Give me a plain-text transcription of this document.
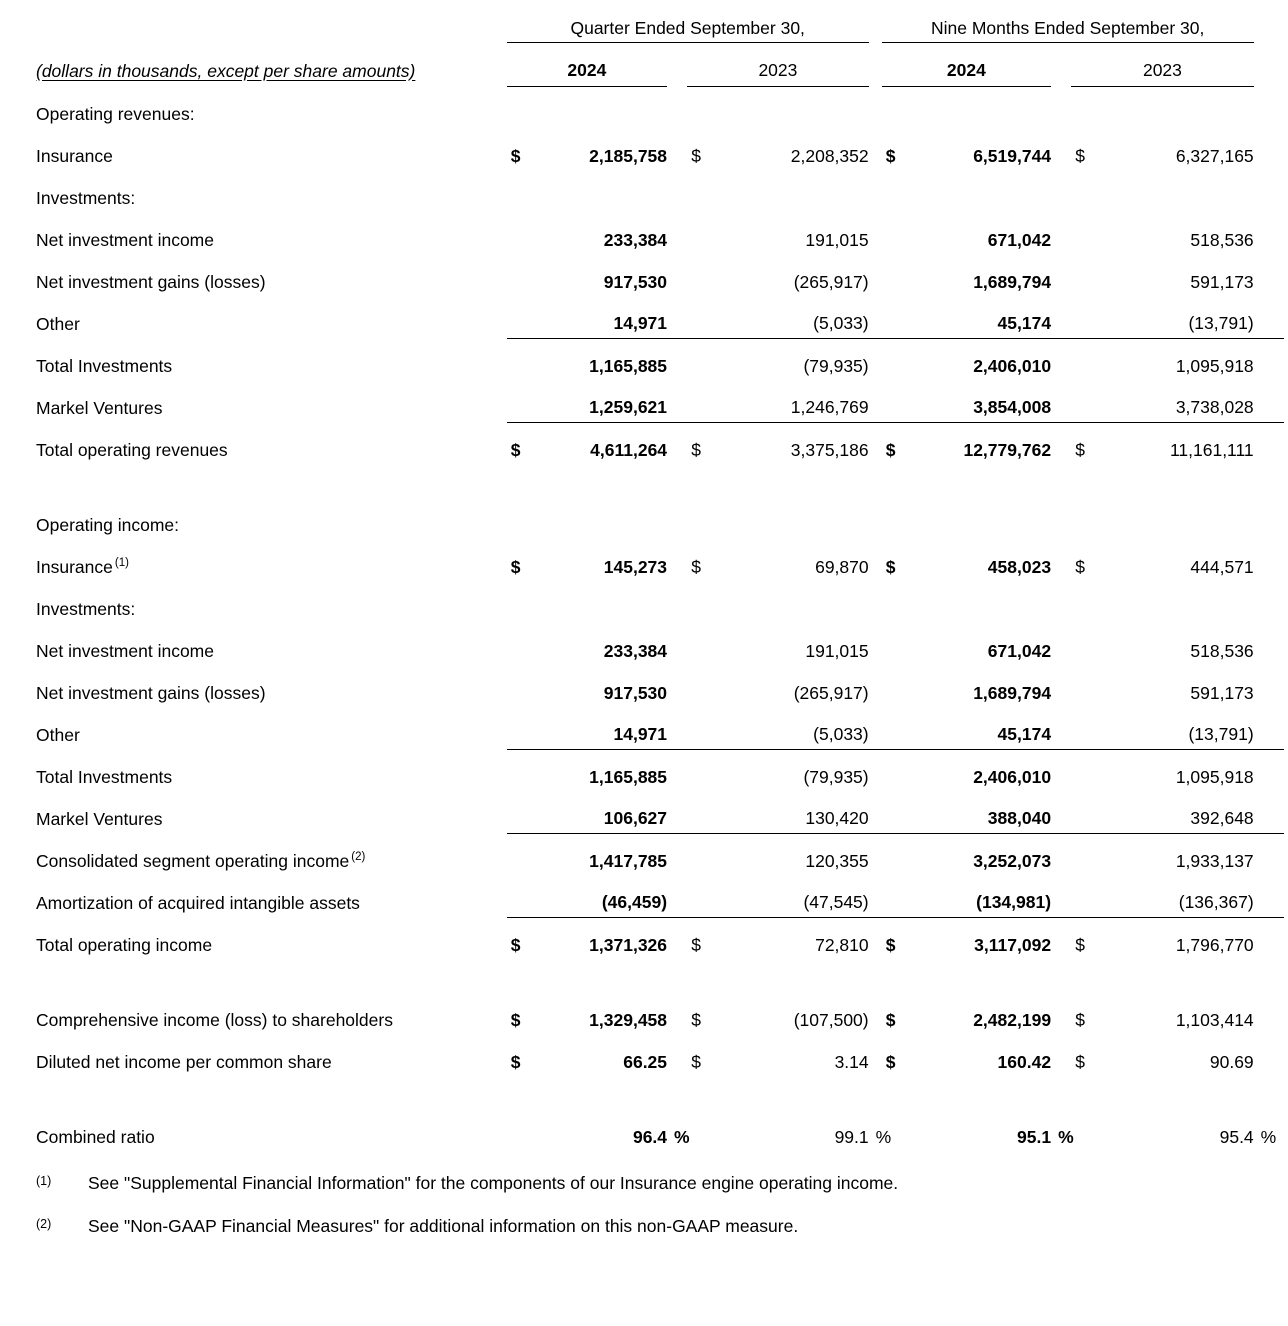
	Quarter Ended September 30,						Nine Months Ended September 30,					
(dollars in thousands, except per share amounts)	2024			2023			2024			2023		
Operating revenues:												
Insurance	$	2,185,758		$	2,208,352		$	6,519,744		$	6,327,165	
Investments:												
Net investment income		233,384			191,015			671,042			518,536	
Net investment gains (losses)		917,530			(265,917)			1,689,794			591,173	
Other		14,971			(5,033)			45,174			(13,791)	
Total Investments		1,165,885			(79,935)			2,406,010			1,095,918	
Markel Ventures		1,259,621			1,246,769			3,854,008			3,738,028	
Total operating revenues	$	4,611,264		$	3,375,186		$	12,779,762		$	11,161,111	

Operating income:												
Insurance $^{(1)}$	$	145,273		$	69,870		$	458,023		$	444,571	
Investments:												
Net investment income		233,384			191,015			671,042			518,536	
Net investment gains (losses)		917,530			(265,917)			1,689,794			591,173	
Other		14,971			(5,033)			45,174			(13,791)	
Total Investments		1,165,885			(79,935)			2,406,010			1,095,918	
Markel Ventures		106,627			130,420			388,040			392,648	
Consolidated segment operating income $^{(2)}$		1,417,785			120,355			3,252,073			1,933,137	
Amortization of acquired intangible assets		(46,459)			(47,545)			(134,981)			(136,367)	
Total operating income	$	1,371,326		$	72,810		$	3,117,092		$	1,796,770	

Comprehensive income (loss) to shareholders	$	1,329,458		$	(107,500)		$	2,482,199		$	1,103,414	
Diluted net income per common share	$	66.25		$	3.14		$	160.42		$	90.69	

Combined ratio		96.4	%		99.1	%		95.1	%		95.4	%
(1)	See "Supplemental Financial Information" for the components of our Insurance engine operating income.
(2)	See "Non-GAAP Financial Measures" for additional information on this non-GAAP measure.
